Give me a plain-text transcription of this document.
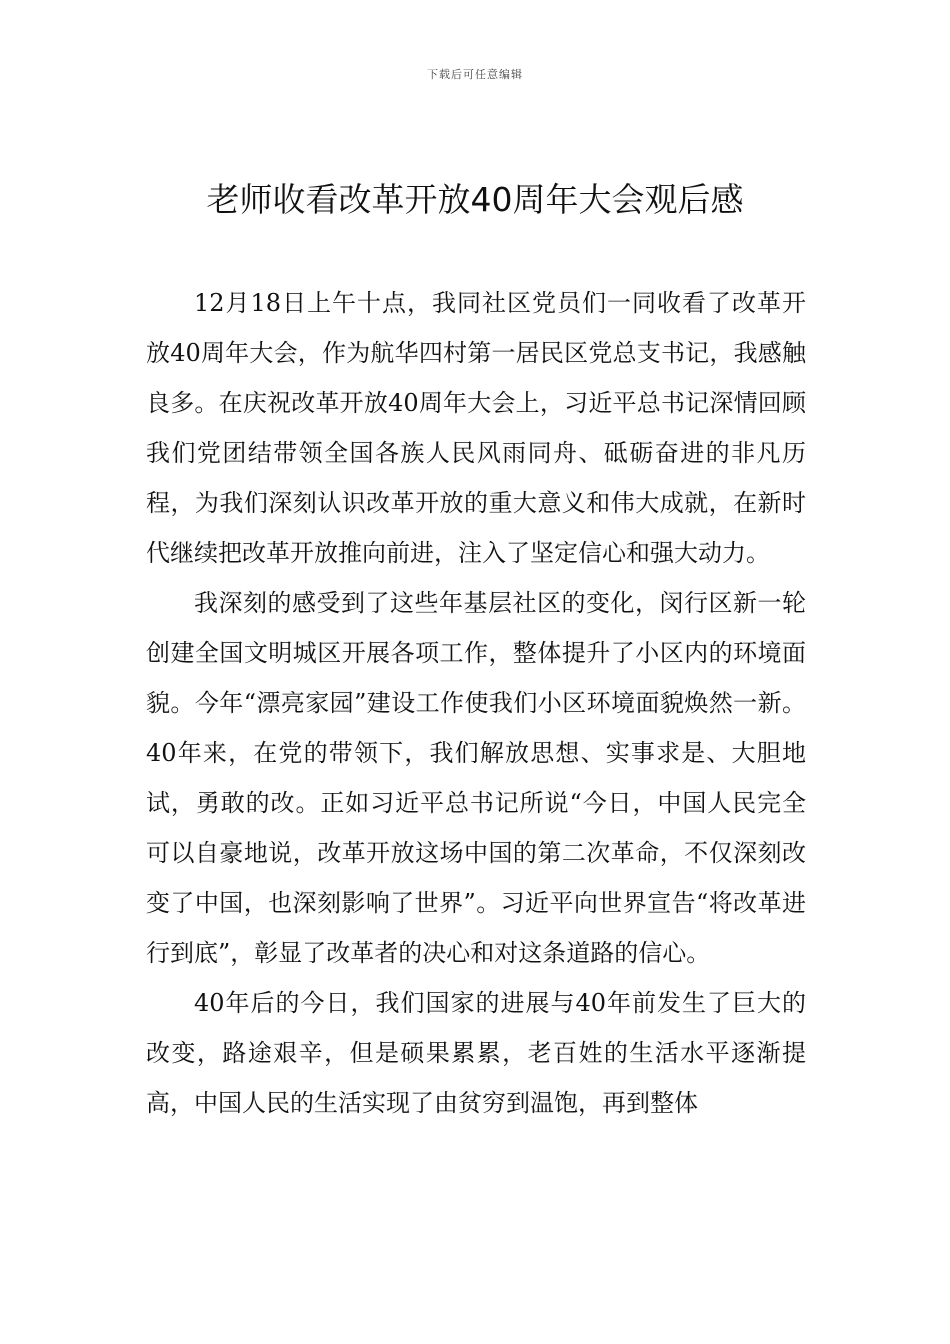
下载后可任意编辑
老师收看改革开放40周年大会观后感

12月18日上午十点，我同社区党员们一同收看了改革开放40周年大会，作为航华四村第一居民区党总支书记，我感触良多。在庆祝改革开放40周年大会上，习近平总书记深情回顾我们党团结带领全国各族人民风雨同舟、砥砺奋进的非凡历程，为我们深刻认识改革开放的重大意义和伟大成就，在新时代继续把改革开放推向前进，注入了坚定信心和强大动力。

我深刻的感受到了这些年基层社区的变化，闵行区新一轮创建全国文明城区开展各项工作，整体提升了小区内的环境面貌。今年“漂亮家园”建设工作使我们小区环境面貌焕然一新。40年来，在党的带领下，我们解放思想、实事求是、大胆地试，勇敢的改。正如习近平总书记所说“今日，中国人民完全可以自豪地说，改革开放这场中国的第二次革命，不仅深刻改变了中国，也深刻影响了世界”。习近平向世界宣告“将改革进行到底”，彰显了改革者的决心和对这条道路的信心。

40年后的今日，我们国家的进展与40年前发生了巨大的改变，路途艰辛，但是硕果累累，老百姓的生活水平逐渐提高，中国人民的生活实现了由贫穷到温饱，再到整体
